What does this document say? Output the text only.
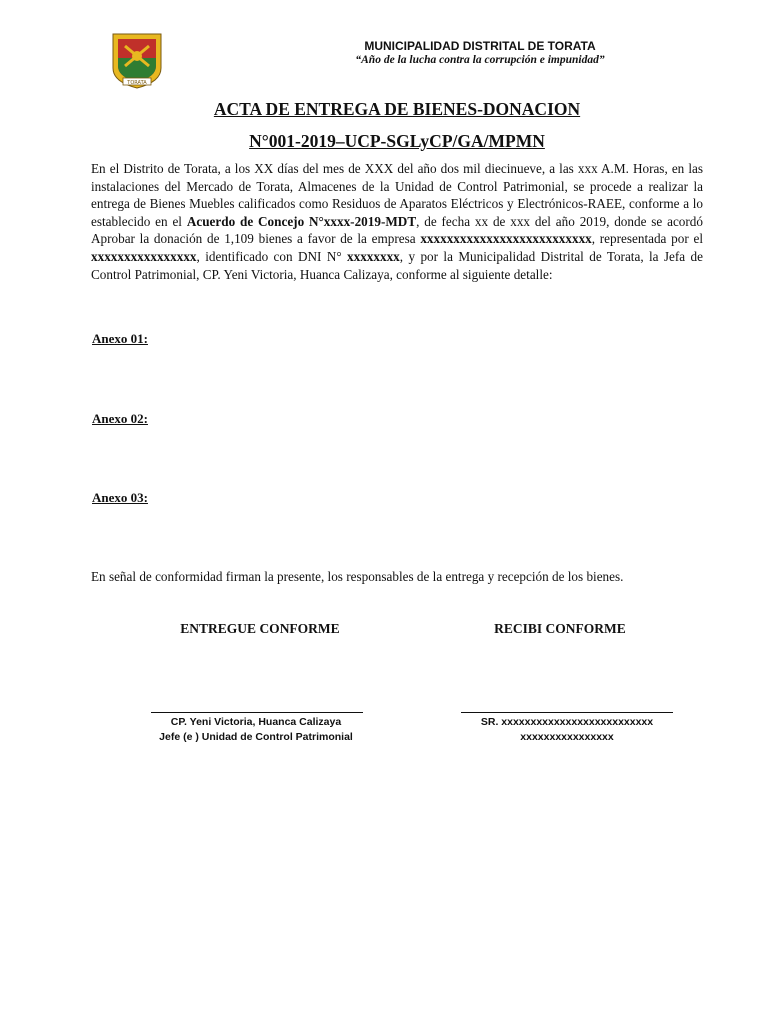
TORATA
MUNICIPALIDAD DISTRITAL DE TORATA
“Año de la lucha contra la corrupción e impunidad”
ACTA DE ENTREGA DE BIENES-DONACION
N°001-2019–UCP-SGLyCP/GA/MPMN
En el Distrito de Torata, a los XX días del mes de XXX del año dos mil diecinueve, a las xxx A.M. Horas, en las instalaciones del Mercado de Torata, Almacenes de la Unidad de Control Patrimonial, se procede a realizar la entrega de Bienes Muebles calificados como Residuos de Aparatos Eléctricos y Electrónicos-RAEE, conforme a lo establecido en el Acuerdo de Concejo N°xxxx-2019-MDT, de fecha xx de xxx del año 2019, donde se acordó Aprobar la donación de 1,109 bienes a favor de la empresa xxxxxxxxxxxxxxxxxxxxxxxxxx, representada por el xxxxxxxxxxxxxxxx, identificado con DNI N° xxxxxxxx, y por la Municipalidad Distrital de Torata, la Jefa de Control Patrimonial, CP. Yeni Victoria, Huanca Calizaya, conforme al siguiente detalle:
Anexo 01:
Anexo 02:
Anexo 03:
En señal de conformidad firman la presente, los responsables de la entrega y recepción de los bienes.
ENTREGUE CONFORME	RECIBI CONFORME
CP. Yeni Victoria, Huanca Calizaya
Jefe (e ) Unidad de Control Patrimonial
SR. xxxxxxxxxxxxxxxxxxxxxxxxxx
xxxxxxxxxxxxxxxx
